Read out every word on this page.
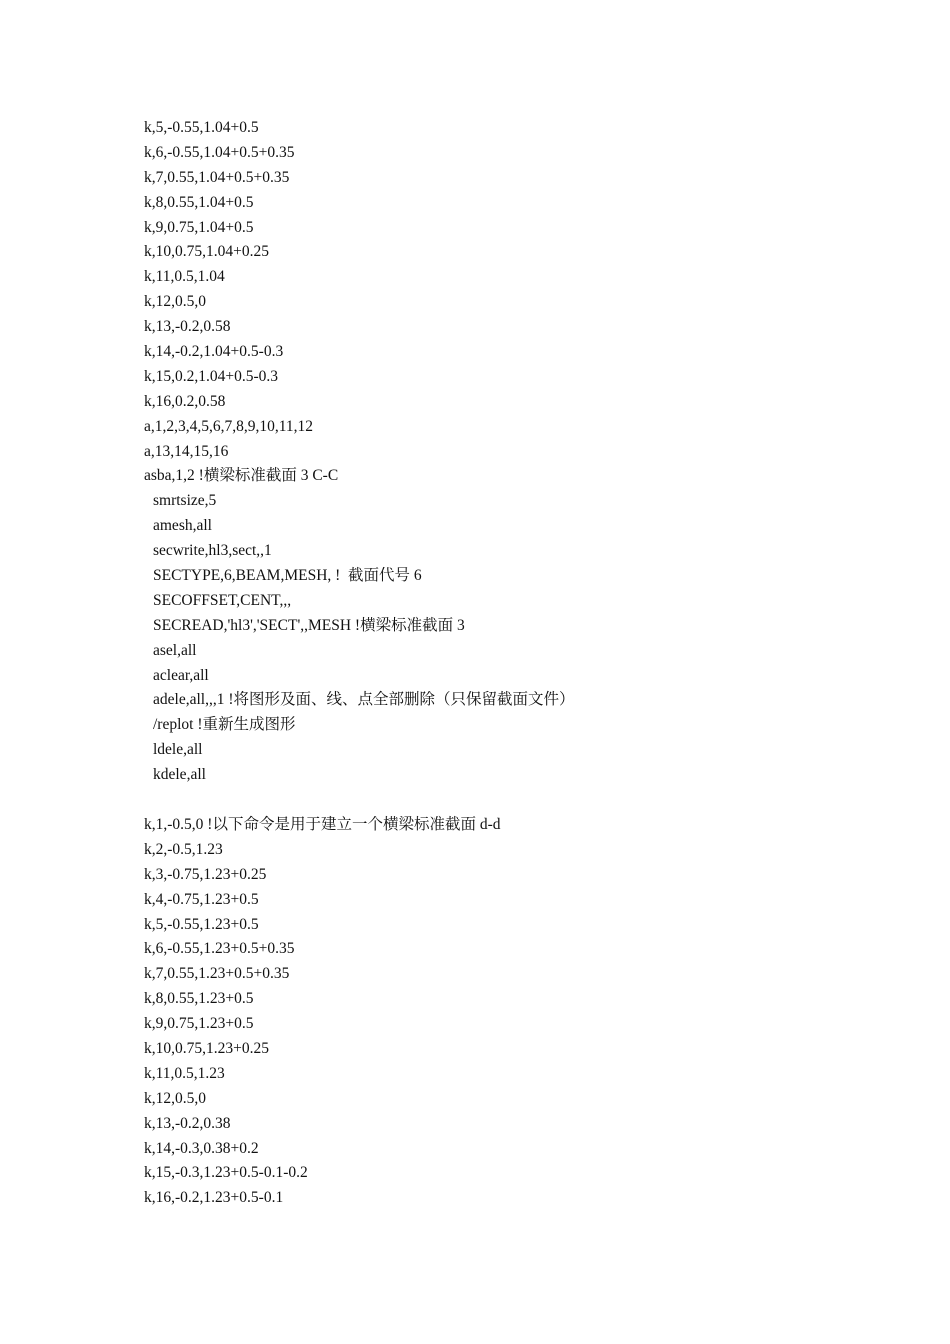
k,5,-0.55,1.04+0.5
k,6,-0.55,1.04+0.5+0.35
k,7,0.55,1.04+0.5+0.35
k,8,0.55,1.04+0.5
k,9,0.75,1.04+0.5
k,10,0.75,1.04+0.25
k,11,0.5,1.04
k,12,0.5,0
k,13,-0.2,0.58
k,14,-0.2,1.04+0.5-0.3
k,15,0.2,1.04+0.5-0.3
k,16,0.2,0.58
a,1,2,3,4,5,6,7,8,9,10,11,12
a,13,14,15,16
asba,1,2 !横梁标准截面 3 C-C
smrtsize,5
amesh,all
secwrite,hl3,sect,,1
SECTYPE,6,BEAM,MESH, !  截面代号 6
SECOFFSET,CENT,,,
SECREAD,'hl3','SECT',,MESH !横梁标准截面 3
asel,all
aclear,all
adele,all,,,1 !将图形及面、线、点全部删除（只保留截面文件）
/replot !重新生成图形
ldele,all
kdele,all
k,1,-0.5,0 !以下命令是用于建立一个横梁标准截面 d-d
k,2,-0.5,1.23
k,3,-0.75,1.23+0.25
k,4,-0.75,1.23+0.5
k,5,-0.55,1.23+0.5
k,6,-0.55,1.23+0.5+0.35
k,7,0.55,1.23+0.5+0.35
k,8,0.55,1.23+0.5
k,9,0.75,1.23+0.5
k,10,0.75,1.23+0.25
k,11,0.5,1.23
k,12,0.5,0
k,13,-0.2,0.38
k,14,-0.3,0.38+0.2
k,15,-0.3,1.23+0.5-0.1-0.2
k,16,-0.2,1.23+0.5-0.1
